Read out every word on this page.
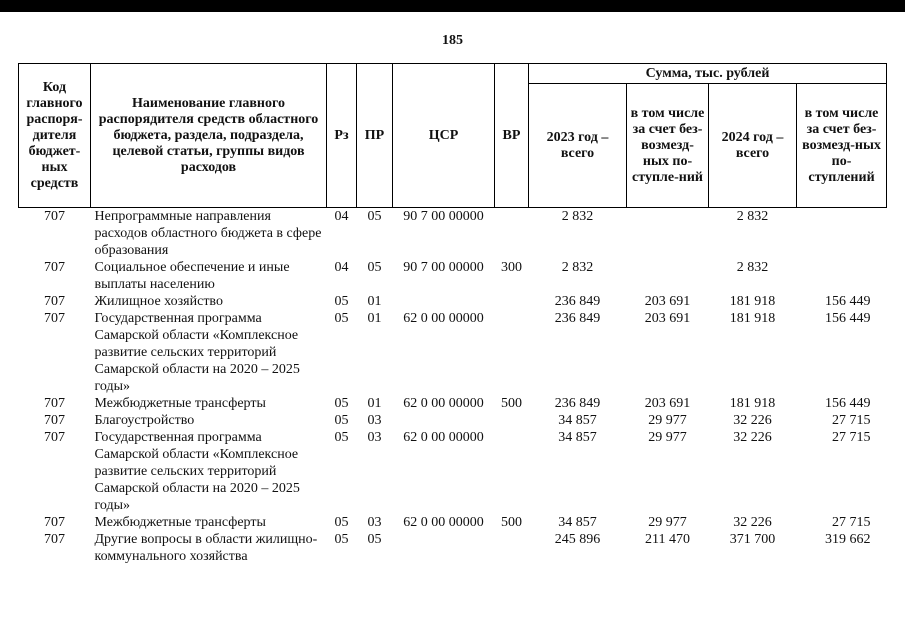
185
Код главного распоря-дителя бюджет-ных средств	Наименование главного распорядителя средств областного бюджета, раздела, подраздела, целевой статьи, группы видов расходов	Рз	ПР	ЦСР	ВР	Сумма, тыс. рублей			
						2023 год – всего	в том числе за счет без-возмезд-ных по-ступле-ний	2024 год – всего	в том числе за счет без-возмезд-ных по-ступлений
707	Непрограммные направления расходов областного бюджета в сфере образования	04	05	90 7 00 00000		2 832		2 832	
707	Социальное обеспечение и иные выплаты населению	04	05	90 7 00 00000	300	2 832		2 832	
707	Жилищное хозяйство	05	01			236 849	203 691	181 918	156 449
707	Государственная программа Самарской области «Комплексное развитие сельских территорий Самарской области на 2020 – 2025 годы»	05	01	62 0 00 00000		236 849	203 691	181 918	156 449
707	Межбюджетные трансферты	05	01	62 0 00 00000	500	236 849	203 691	181 918	156 449
707	Благоустройство	05	03			34 857	29 977	32 226	27 715
707	Государственная программа Самарской области «Комплексное развитие сельских территорий Самарской области на 2020 – 2025 годы»	05	03	62 0 00 00000		34 857	29 977	32 226	27 715
707	Межбюджетные трансферты	05	03	62 0 00 00000	500	34 857	29 977	32 226	27 715
707	Другие вопросы в области жилищно-коммунального хозяйства	05	05			245 896	211 470	371 700	319 662
